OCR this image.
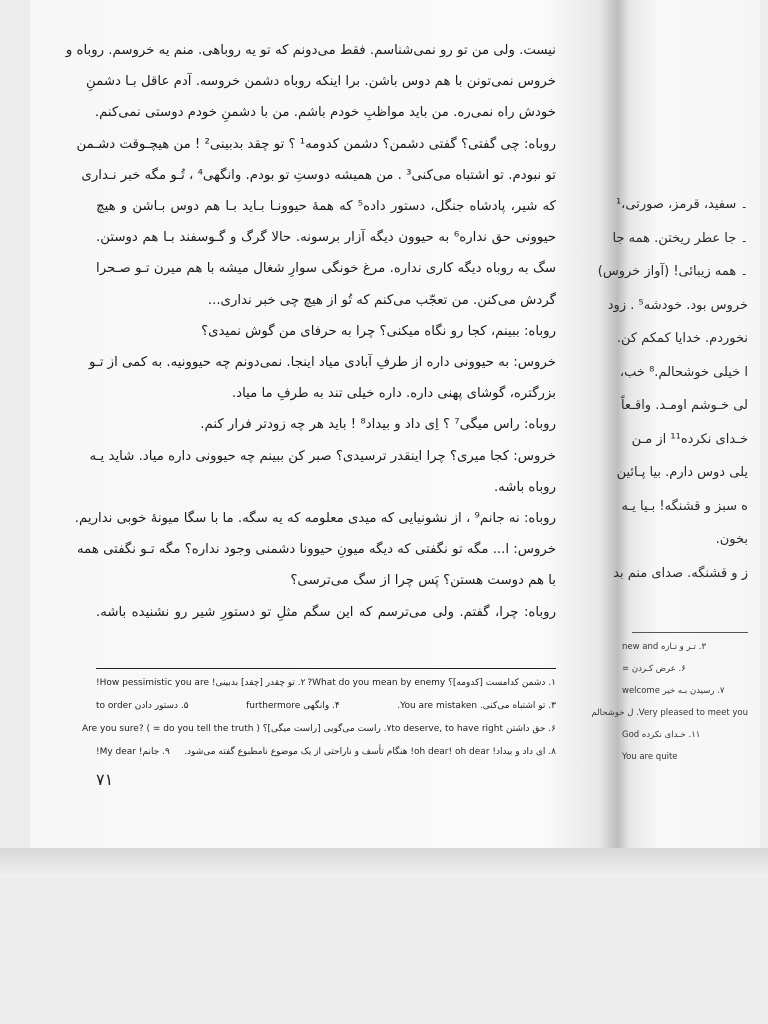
نیست. ولی من تو رو نمی‌شناسم. فقط می‌دونم که تو یه روباهی. منم یه خروسم. روباه و
خروس نمی‌تونن با هم دوس باشن. برا اینکه روباه دشمن خروسه. آدم عاقل بـا دشمنِ
خودش راه نمی‌ره. من باید مواظبِ خودم باشم. من با دشمنِ خودم دوستی نمی‌کنم.
روباه: چی گفتی؟ گفتی دشمن؟ دشمن کدومه¹ ؟ تو چقد بدبینی² ! من هیچـوقت دشـمن
تو نبودم. تو اشتباه می‌کنی³ . من همیشه دوستِ تو بودم. وانگهی⁴ ، تُـو مگه خبر نـداری
که شیر، پادشاه جنگل، دستور داده⁵ که همهٔ حیوونـا بـاید بـا هم دوس بـاشن و هیچ
حیوونی حق نداره⁶ به حیوون دیگه آزار برسونه. حالا گرگ و گـوسفند بـا هم دوستن.
سگ به روباه دیگه کاری نداره. مرغ خونگی سوارِ شغال میشه با هم میرن تـو صـحرا
گردش می‌کنن. من تعجّب می‌کنم که تُو از هیچ چی خبر نداری...
روباه: ببینم، کجا رو نگاه میکنی؟ چرا به حرفای من گوش نمیدی؟
خروس: به حیوونی داره از طرفِ آبادی میاد اینجا. نمی‌دونم چه حیوونیه. به کمی از تـو
بزرگتره، گوشای پهنی داره. داره خیلی تند به طرفِ ما میاد.
روباه: راس میگی⁷ ؟ اِی داد و بیداد⁸ ! باید هر چه زودتر فرار کنم.
خروس: کجا میری؟ چرا اینقدر ترسیدی؟ صبر کن ببینم چه حیوونی داره میاد. شاید یـه
روباه باشه.
روباه: نه جانم⁹ ، از نشونیایی که میدی معلومه که یه سگه. ما با سگا میونهٔ خوبی نداریم.
خروس: ا... مگه تو نگفتی که دیگه میونِ حیوونا دشمنی وجود نداره؟ مگه تـو نگفتی همه
با هم دوست هستن؟ پَس چرا از سگ می‌ترسی؟
روباه: چرا، گفتم. ولی می‌ترسم که این سگم مثلِ تو دستورِ شیر رو نشنیده باشه.
۱. دشمن کدامست [کدومه]؟ What do you mean by enemy?
۲. تو چقدر [چقد] بدبینی! How pessimistic you are!
۳. تو اشتباه می‌کنی. You are mistaken.
۴. وانگهی furthermore
۵. دستور دادن to order
۶. حق داشتن to deserve, to have right
۷. راست می‌گویی [راست میگی]؟ Are you sure? ( = do you tell the truth )
۸. ای داد و بیداد! oh dear! oh dear! هنگام تأسف و ناراحتی از یک موضوع نامطبوع گفته می‌شود.
۹. جانم! My dear!
۷۱
۔ سفید، قرمز، صورتی،¹
۔ جا عطر ریختن. همه جا
۔ همه زیبائی! (آواز خروس)
خروس بود. خودشه⁵ . زود
نخوردم. خدایا کمکم کن.
ا خیلی خوشحالم.⁸ خب،
لی خـوشم اومـد. واقـعاً
خـدای نکرده¹¹ از مـن
یلی دوس دارم. بیا پـائین
ه سبز و قشنگه! بـیا یـه
بخون.
ز و قشنگه. صدای منم بد
۳. تـر و تـازه new and
۶. عرض کـردن =
۷. رسیدن بـه خیر welcome
Very pleased to meet you. ل خوشحالم
۱۱. خـدای نکرده God
You are quite
